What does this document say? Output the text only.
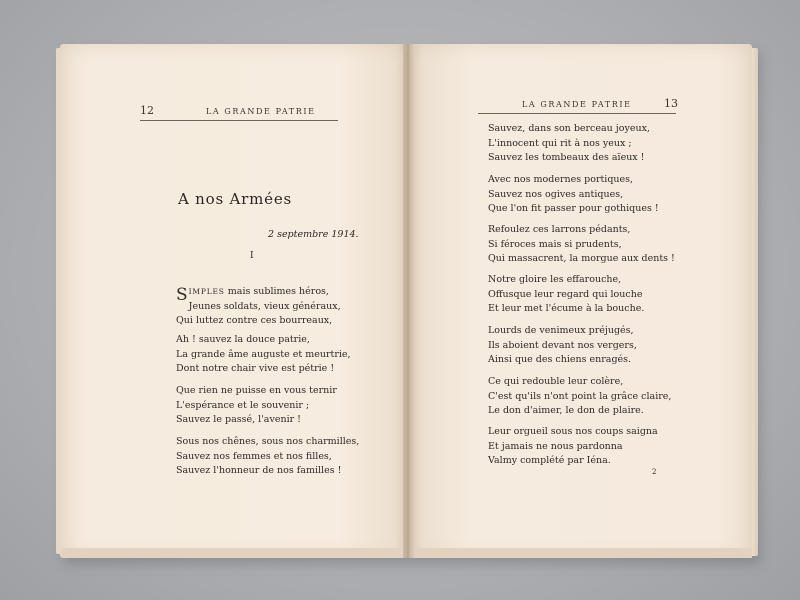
12	LA GRANDE PATRIE
A nos Armées
2 septembre 1914.
I
SIMPLES mais sublimes héros,
Jeunes soldats, vieux généraux,
Qui luttez contre ces bourreaux,
Ah ! sauvez la douce patrie,
La grande âme auguste et meurtrie,
Dont notre chair vive est pétrie !
Que rien ne puisse en vous ternir
L'espérance et le souvenir ;
Sauvez le passé, l'avenir !
Sous nos chênes, sous nos charmilles,
Sauvez nos femmes et nos filles,
Sauvez l'honneur de nos familles !
LA GRANDE PATRIE	13
Sauvez, dans son berceau joyeux,
L'innocent qui rit à nos yeux ;
Sauvez les tombeaux des aïeux !
Avec nos modernes portiques,
Sauvez nos ogives antiques,
Que l'on fit passer pour gothiques !
Refoulez ces larrons pédants,
Si féroces mais si prudents,
Qui massacrent, la morgue aux dents !
Notre gloire les effarouche,
Offusque leur regard qui louche
Et leur met l'écume à la bouche.
Lourds de venimeux préjugés,
Ils aboient devant nos vergers,
Ainsi que des chiens enragés.
Ce qui redouble leur colère,
C'est qu'ils n'ont point la grâce claire,
Le don d'aimer, le don de plaire.
Leur orgueil sous nos coups saigna
Et jamais ne nous pardonna
Valmy complété par Iéna.
2
